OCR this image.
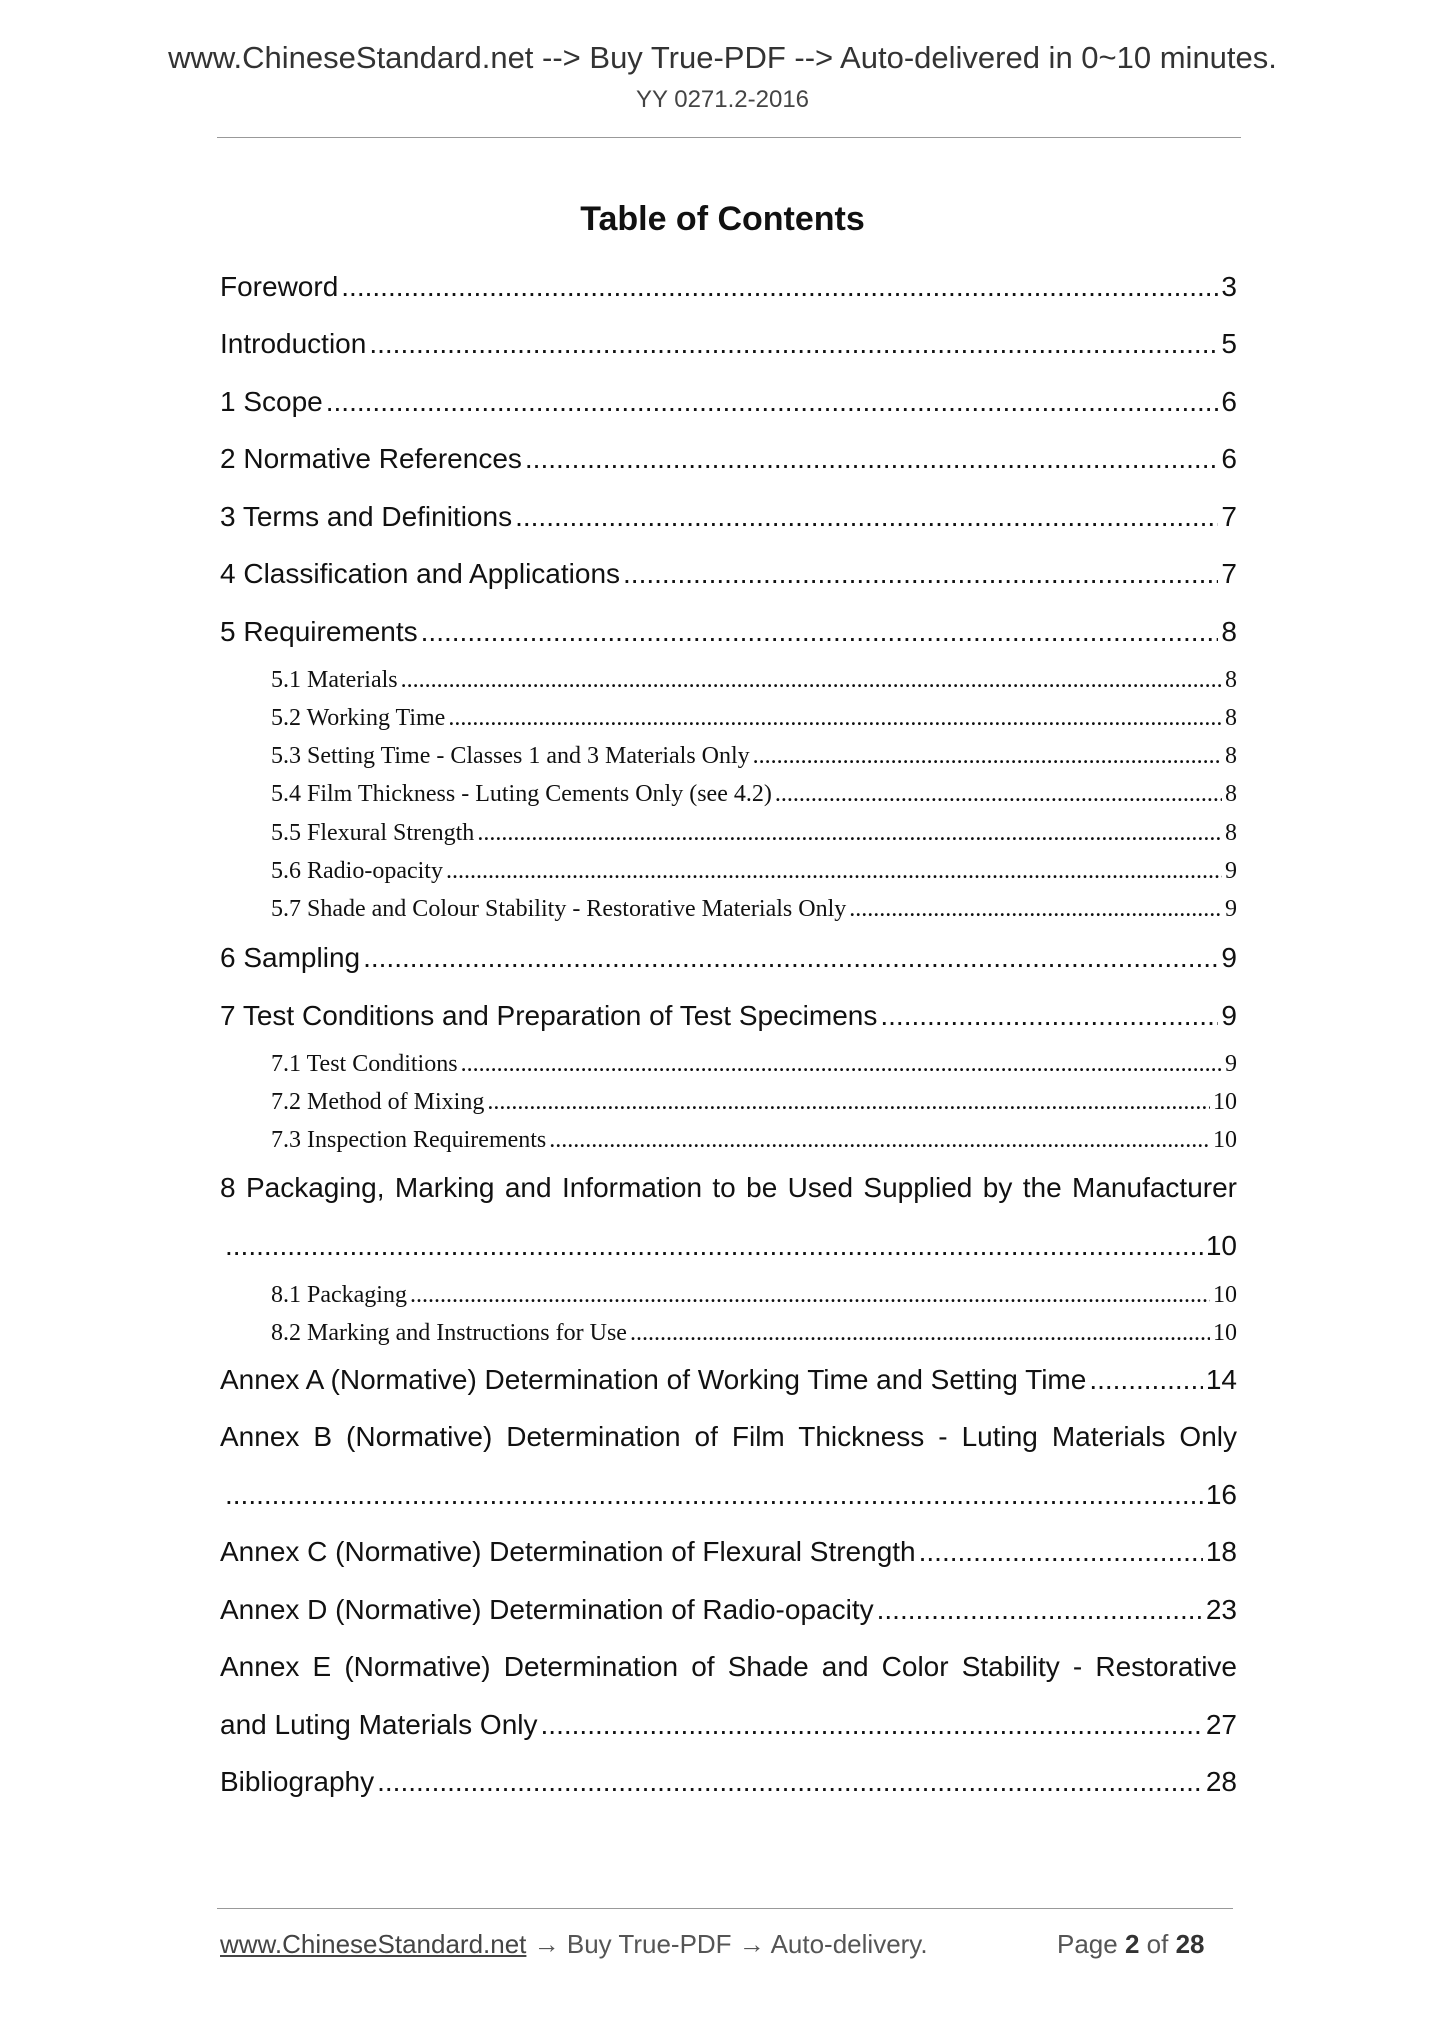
www.ChineseStandard.net --> Buy True-PDF --> Auto-delivered in 0~10 minutes.
YY 0271.2-2016
Table of Contents
Foreword .....	3
Introduction .....	5
1 Scope .....	6
2 Normative References .....	6
3 Terms and Definitions .....	7
4 Classification and Applications .....	7
5 Requirements .....	8
5.1 Materials .....	8
5.2 Working Time .....	8
5.3 Setting Time - Classes 1 and 3 Materials Only .....	8
5.4 Film Thickness - Luting Cements Only (see 4.2) .....	8
5.5 Flexural Strength .....	8
5.6 Radio-opacity .....	9
5.7 Shade and Colour Stability - Restorative Materials Only .....	9
6 Sampling .....	9
7 Test Conditions and Preparation of Test Specimens .....	9
7.1 Test Conditions .....	9
7.2 Method of Mixing .....	10
7.3 Inspection Requirements .....	10
8 Packaging, Marking and Information to be Used Supplied by the Manufacturer
.....
10
8.1 Packaging .....	10
8.2 Marking and Instructions for Use .....	10
Annex A (Normative) Determination of Working Time and Setting Time .....	14
Annex B (Normative) Determination of Film Thickness - Luting Materials Only
.....
16
Annex C (Normative) Determination of Flexural Strength .....	18
Annex D (Normative) Determination of Radio-opacity .....	23
Annex E (Normative) Determination of Shade and Color Stability - Restorative
and Luting Materials Only .....	27
Bibliography .....	28
www.ChineseStandard.net → Buy True-PDF → Auto-delivery.	Page 2 of 28
